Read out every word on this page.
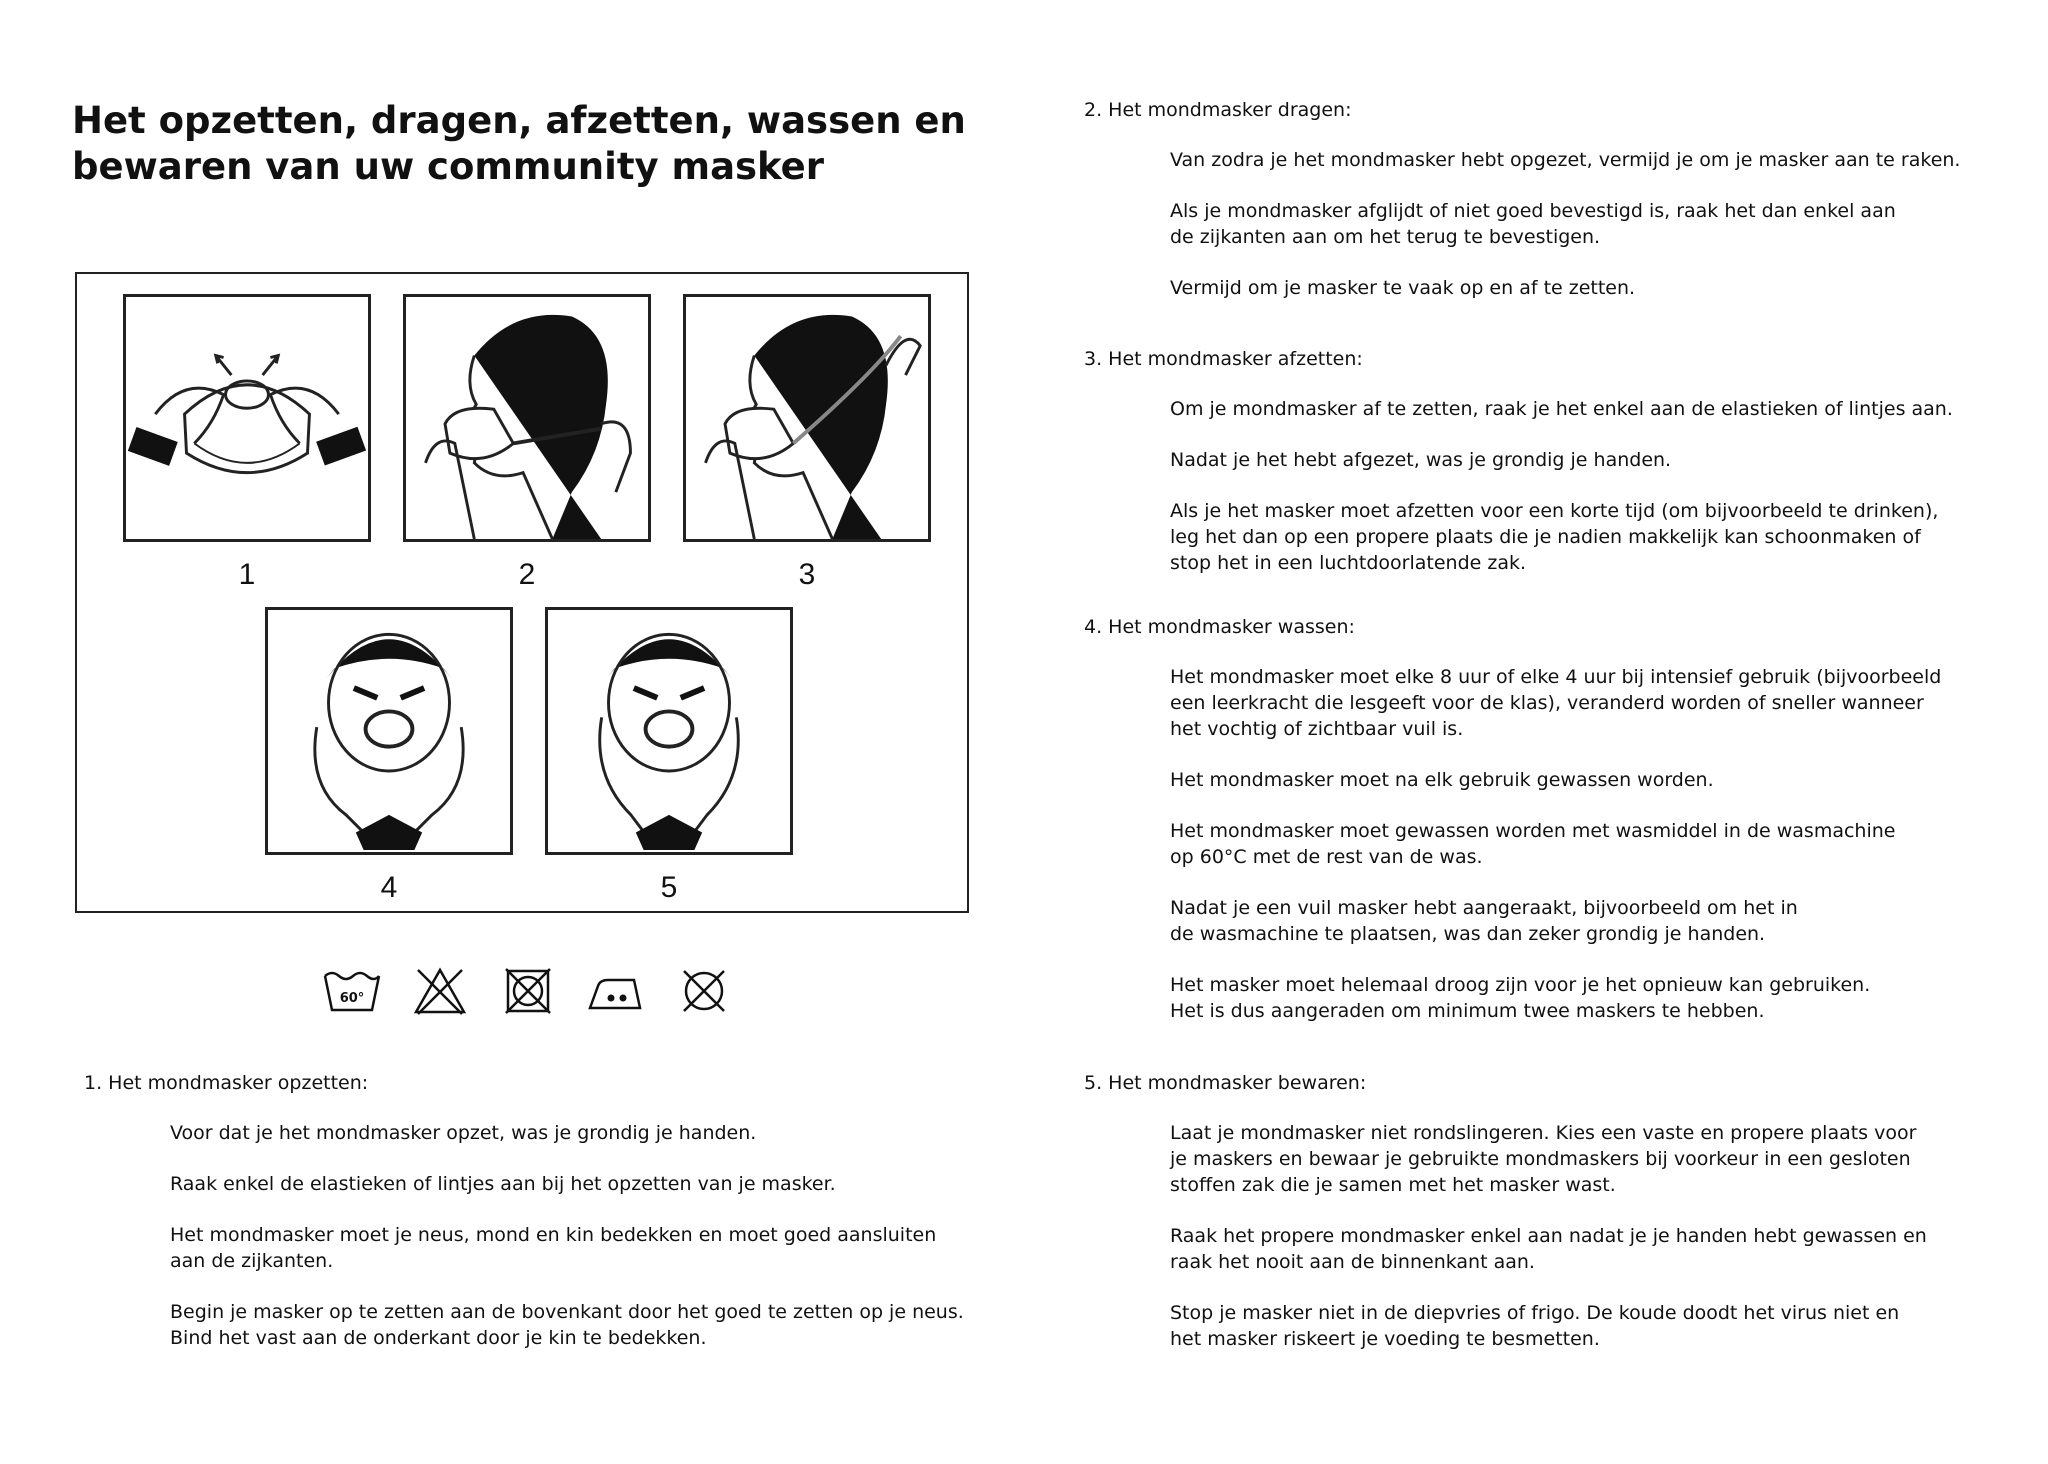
Het opzetten, dragen, afzetten, wassen en bewaren van uw community masker
1	2	3
4	5
60°
1. Het mondmasker opzetten:

Voor dat je het mondmasker opzet, was je grondig je handen.

Raak enkel de elastieken of lintjes aan bij het opzetten van je masker.

Het mondmasker moet je neus, mond en kin bedekken en moet goed aansluiten
aan de zijkanten.

Begin je masker op te zetten aan de bovenkant door het goed te zetten op je neus.
Bind het vast aan de onderkant door je kin te bedekken.

2. Het mondmasker dragen:

Van zodra je het mondmasker hebt opgezet, vermijd je om je masker aan te raken.

Als je mondmasker afglijdt of niet goed bevestigd is, raak het dan enkel aan
de zijkanten aan om het terug te bevestigen.

Vermijd om je masker te vaak op en af te zetten.

3. Het mondmasker afzetten:

Om je mondmasker af te zetten, raak je het enkel aan de elastieken of lintjes aan.

Nadat je het hebt afgezet, was je grondig je handen.

Als je het masker moet afzetten voor een korte tijd (om bijvoorbeeld te drinken),
leg het dan op een propere plaats die je nadien makkelijk kan schoonmaken of
stop het in een luchtdoorlatende zak.

4. Het mondmasker wassen:

Het mondmasker moet elke 8 uur of elke 4 uur bij intensief gebruik (bijvoorbeeld
een leerkracht die lesgeeft voor de klas), veranderd worden of sneller wanneer
het vochtig of zichtbaar vuil is.

Het mondmasker moet na elk gebruik gewassen worden.

Het mondmasker moet gewassen worden met wasmiddel in de wasmachine
op 60°C met de rest van de was.

Nadat je een vuil masker hebt aangeraakt, bijvoorbeeld om het in
de wasmachine te plaatsen, was dan zeker grondig je handen.

Het masker moet helemaal droog zijn voor je het opnieuw kan gebruiken.
Het is dus aangeraden om minimum twee maskers te hebben.

5. Het mondmasker bewaren:

Laat je mondmasker niet rondslingeren. Kies een vaste en propere plaats voor
je maskers en bewaar je gebruikte mondmaskers bij voorkeur in een gesloten
stoffen zak die je samen met het masker wast.

Raak het propere mondmasker enkel aan nadat je je handen hebt gewassen en
raak het nooit aan de binnenkant aan.

Stop je masker niet in de diepvries of frigo. De koude doodt het virus niet en
het masker riskeert je voeding te besmetten.
